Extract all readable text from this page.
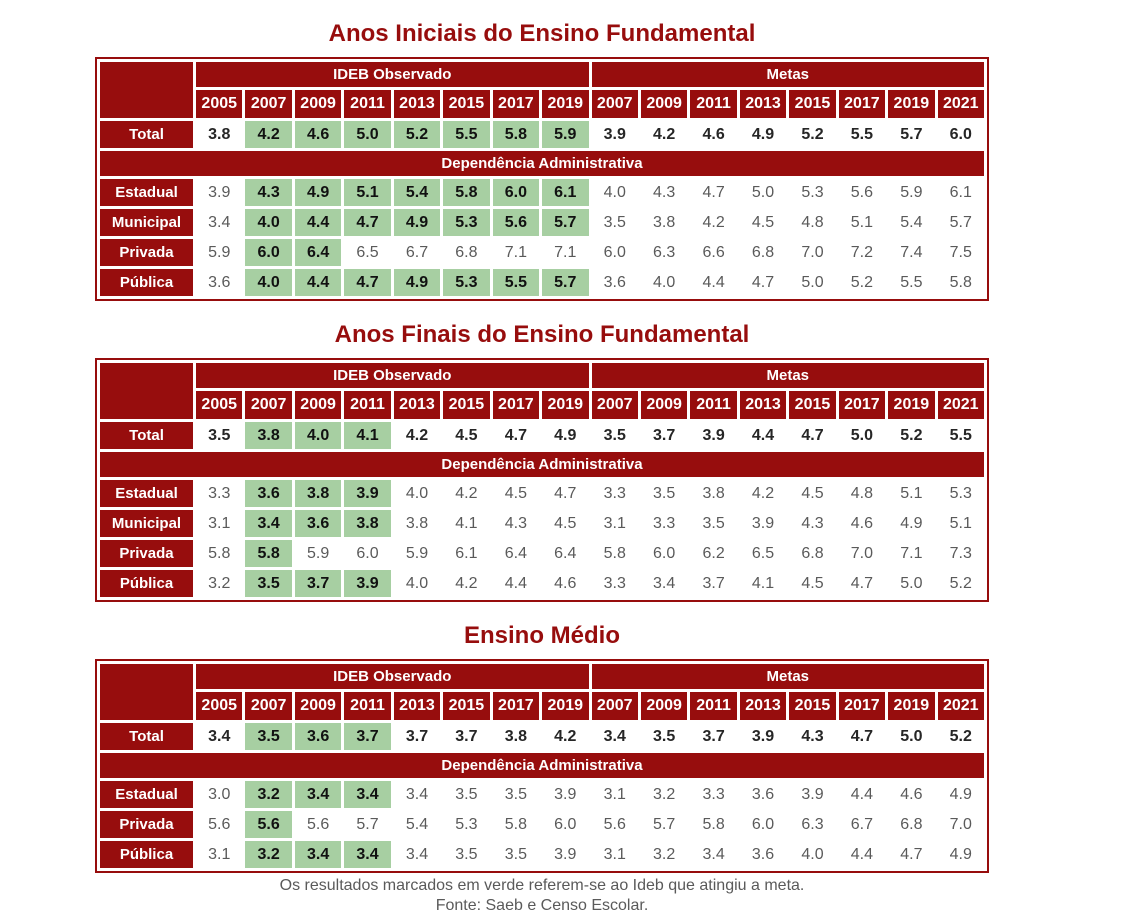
Anos Iniciais do Ensino Fundamental
	IDEB Observado								Metas							
	2005	2007	2009	2011	2013	2015	2017	2019	2007	2009	2011	2013	2015	2017	2019	2021
Total	3.8	4.2	4.6	5.0	5.2	5.5	5.8	5.9	3.9	4.2	4.6	4.9	5.2	5.5	5.7	6.0
Dependência Administrativa																
Estadual	3.9	4.3	4.9	5.1	5.4	5.8	6.0	6.1	4.0	4.3	4.7	5.0	5.3	5.6	5.9	6.1
Municipal	3.4	4.0	4.4	4.7	4.9	5.3	5.6	5.7	3.5	3.8	4.2	4.5	4.8	5.1	5.4	5.7
Privada	5.9	6.0	6.4	6.5	6.7	6.8	7.1	7.1	6.0	6.3	6.6	6.8	7.0	7.2	7.4	7.5
Pública	3.6	4.0	4.4	4.7	4.9	5.3	5.5	5.7	3.6	4.0	4.4	4.7	5.0	5.2	5.5	5.8
Anos Finais do Ensino Fundamental
	IDEB Observado								Metas							
	2005	2007	2009	2011	2013	2015	2017	2019	2007	2009	2011	2013	2015	2017	2019	2021
Total	3.5	3.8	4.0	4.1	4.2	4.5	4.7	4.9	3.5	3.7	3.9	4.4	4.7	5.0	5.2	5.5
Dependência Administrativa																
Estadual	3.3	3.6	3.8	3.9	4.0	4.2	4.5	4.7	3.3	3.5	3.8	4.2	4.5	4.8	5.1	5.3
Municipal	3.1	3.4	3.6	3.8	3.8	4.1	4.3	4.5	3.1	3.3	3.5	3.9	4.3	4.6	4.9	5.1
Privada	5.8	5.8	5.9	6.0	5.9	6.1	6.4	6.4	5.8	6.0	6.2	6.5	6.8	7.0	7.1	7.3
Pública	3.2	3.5	3.7	3.9	4.0	4.2	4.4	4.6	3.3	3.4	3.7	4.1	4.5	4.7	5.0	5.2
Ensino Médio
	IDEB Observado								Metas							
	2005	2007	2009	2011	2013	2015	2017	2019	2007	2009	2011	2013	2015	2017	2019	2021
Total	3.4	3.5	3.6	3.7	3.7	3.7	3.8	4.2	3.4	3.5	3.7	3.9	4.3	4.7	5.0	5.2
Dependência Administrativa																
Estadual	3.0	3.2	3.4	3.4	3.4	3.5	3.5	3.9	3.1	3.2	3.3	3.6	3.9	4.4	4.6	4.9
Privada	5.6	5.6	5.6	5.7	5.4	5.3	5.8	6.0	5.6	5.7	5.8	6.0	6.3	6.7	6.8	7.0
Pública	3.1	3.2	3.4	3.4	3.4	3.5	3.5	3.9	3.1	3.2	3.4	3.6	4.0	4.4	4.7	4.9
Os resultados marcados em verde referem-se ao Ideb que atingiu a meta.
Fonte: Saeb e Censo Escolar.
